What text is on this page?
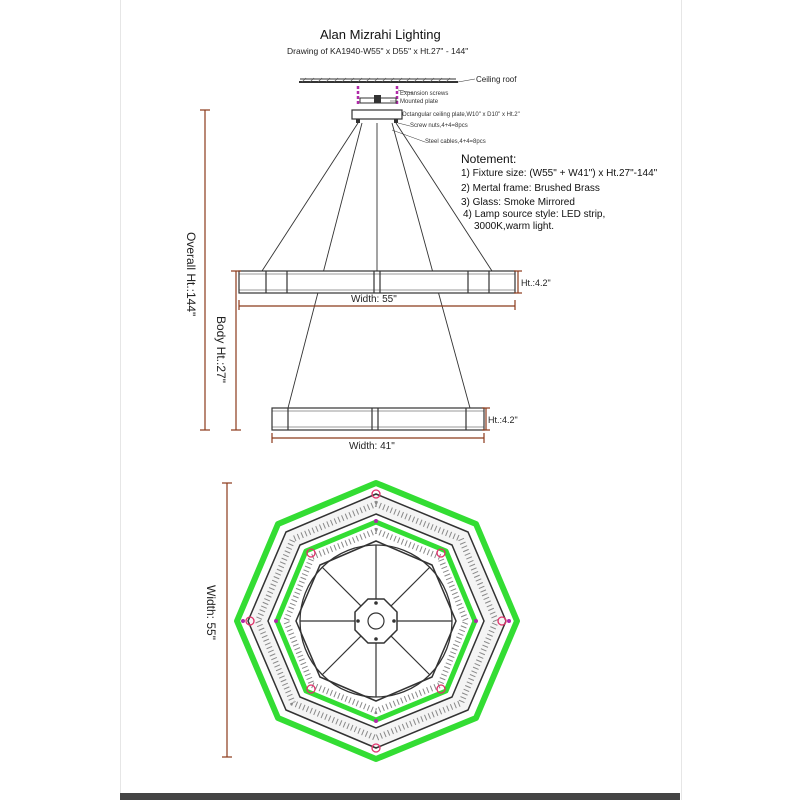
Alan Mizrahi Lighting
Drawing of KA1940-W55" x D55" x Ht.27" - 144"
Ceiling roof
Expansion screws
Mounted plate
Octangular ceiling plate,W10" x D10" x Ht.2"
Screw nuts,4+4=8pcs
Steel cables,4+4=8pcs
Notement:
1) Fixture size: (W55" + W41") x Ht.27"-144"
2) Mertal frame: Brushed Brass
3) Glass: Smoke Mirrored
4) Lamp source style: LED strip,
3000K,warm light.
Overall Ht.:144"
Body Ht.:27"
Width: 55"
Ht.:4.2"
Width: 41"
Ht.:4.2"
Width: 55"
